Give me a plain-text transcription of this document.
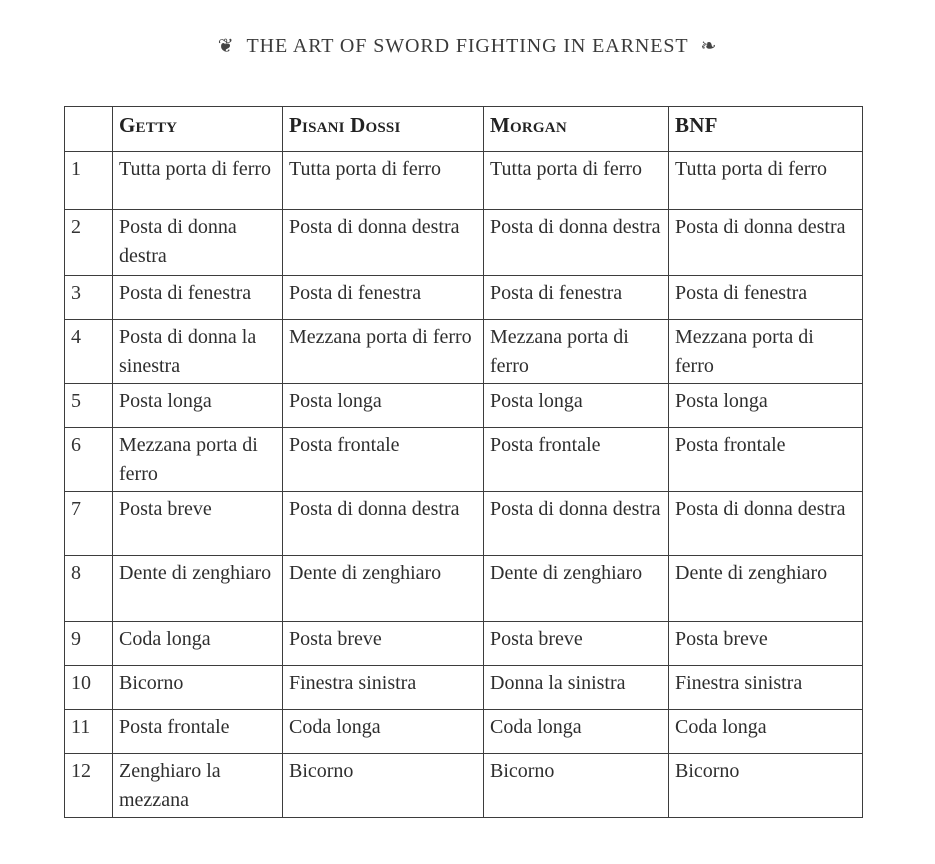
❦ THE ART OF SWORD FIGHTING IN EARNEST ❧
	Getty	Pisani Dossi	Morgan	BNF
1	Tutta porta di ferro	Tutta porta di ferro	Tutta porta di ferro	Tutta porta di ferro
2	Posta di donna destra	Posta di donna destra	Posta di donna destra	Posta di donna destra
3	Posta di fenestra	Posta di fenestra	Posta di fenestra	Posta di fenestra
4	Posta di donna la sinestra	Mezzana porta di ferro	Mezzana porta di ferro	Mezzana porta di ferro
5	Posta longa	Posta longa	Posta longa	Posta longa
6	Mezzana porta di ferro	Posta frontale	Posta frontale	Posta frontale
7	Posta breve	Posta di donna destra	Posta di donna destra	Posta di donna destra
8	Dente di zenghiaro	Dente di zenghiaro	Dente di zenghiaro	Dente di zenghiaro
9	Coda longa	Posta breve	Posta breve	Posta breve
10	Bicorno	Finestra sinistra	Donna la sinistra	Finestra sinistra
11	Posta frontale	Coda longa	Coda longa	Coda longa
12	Zenghiaro la mezzana	Bicorno	Bicorno	Bicorno
